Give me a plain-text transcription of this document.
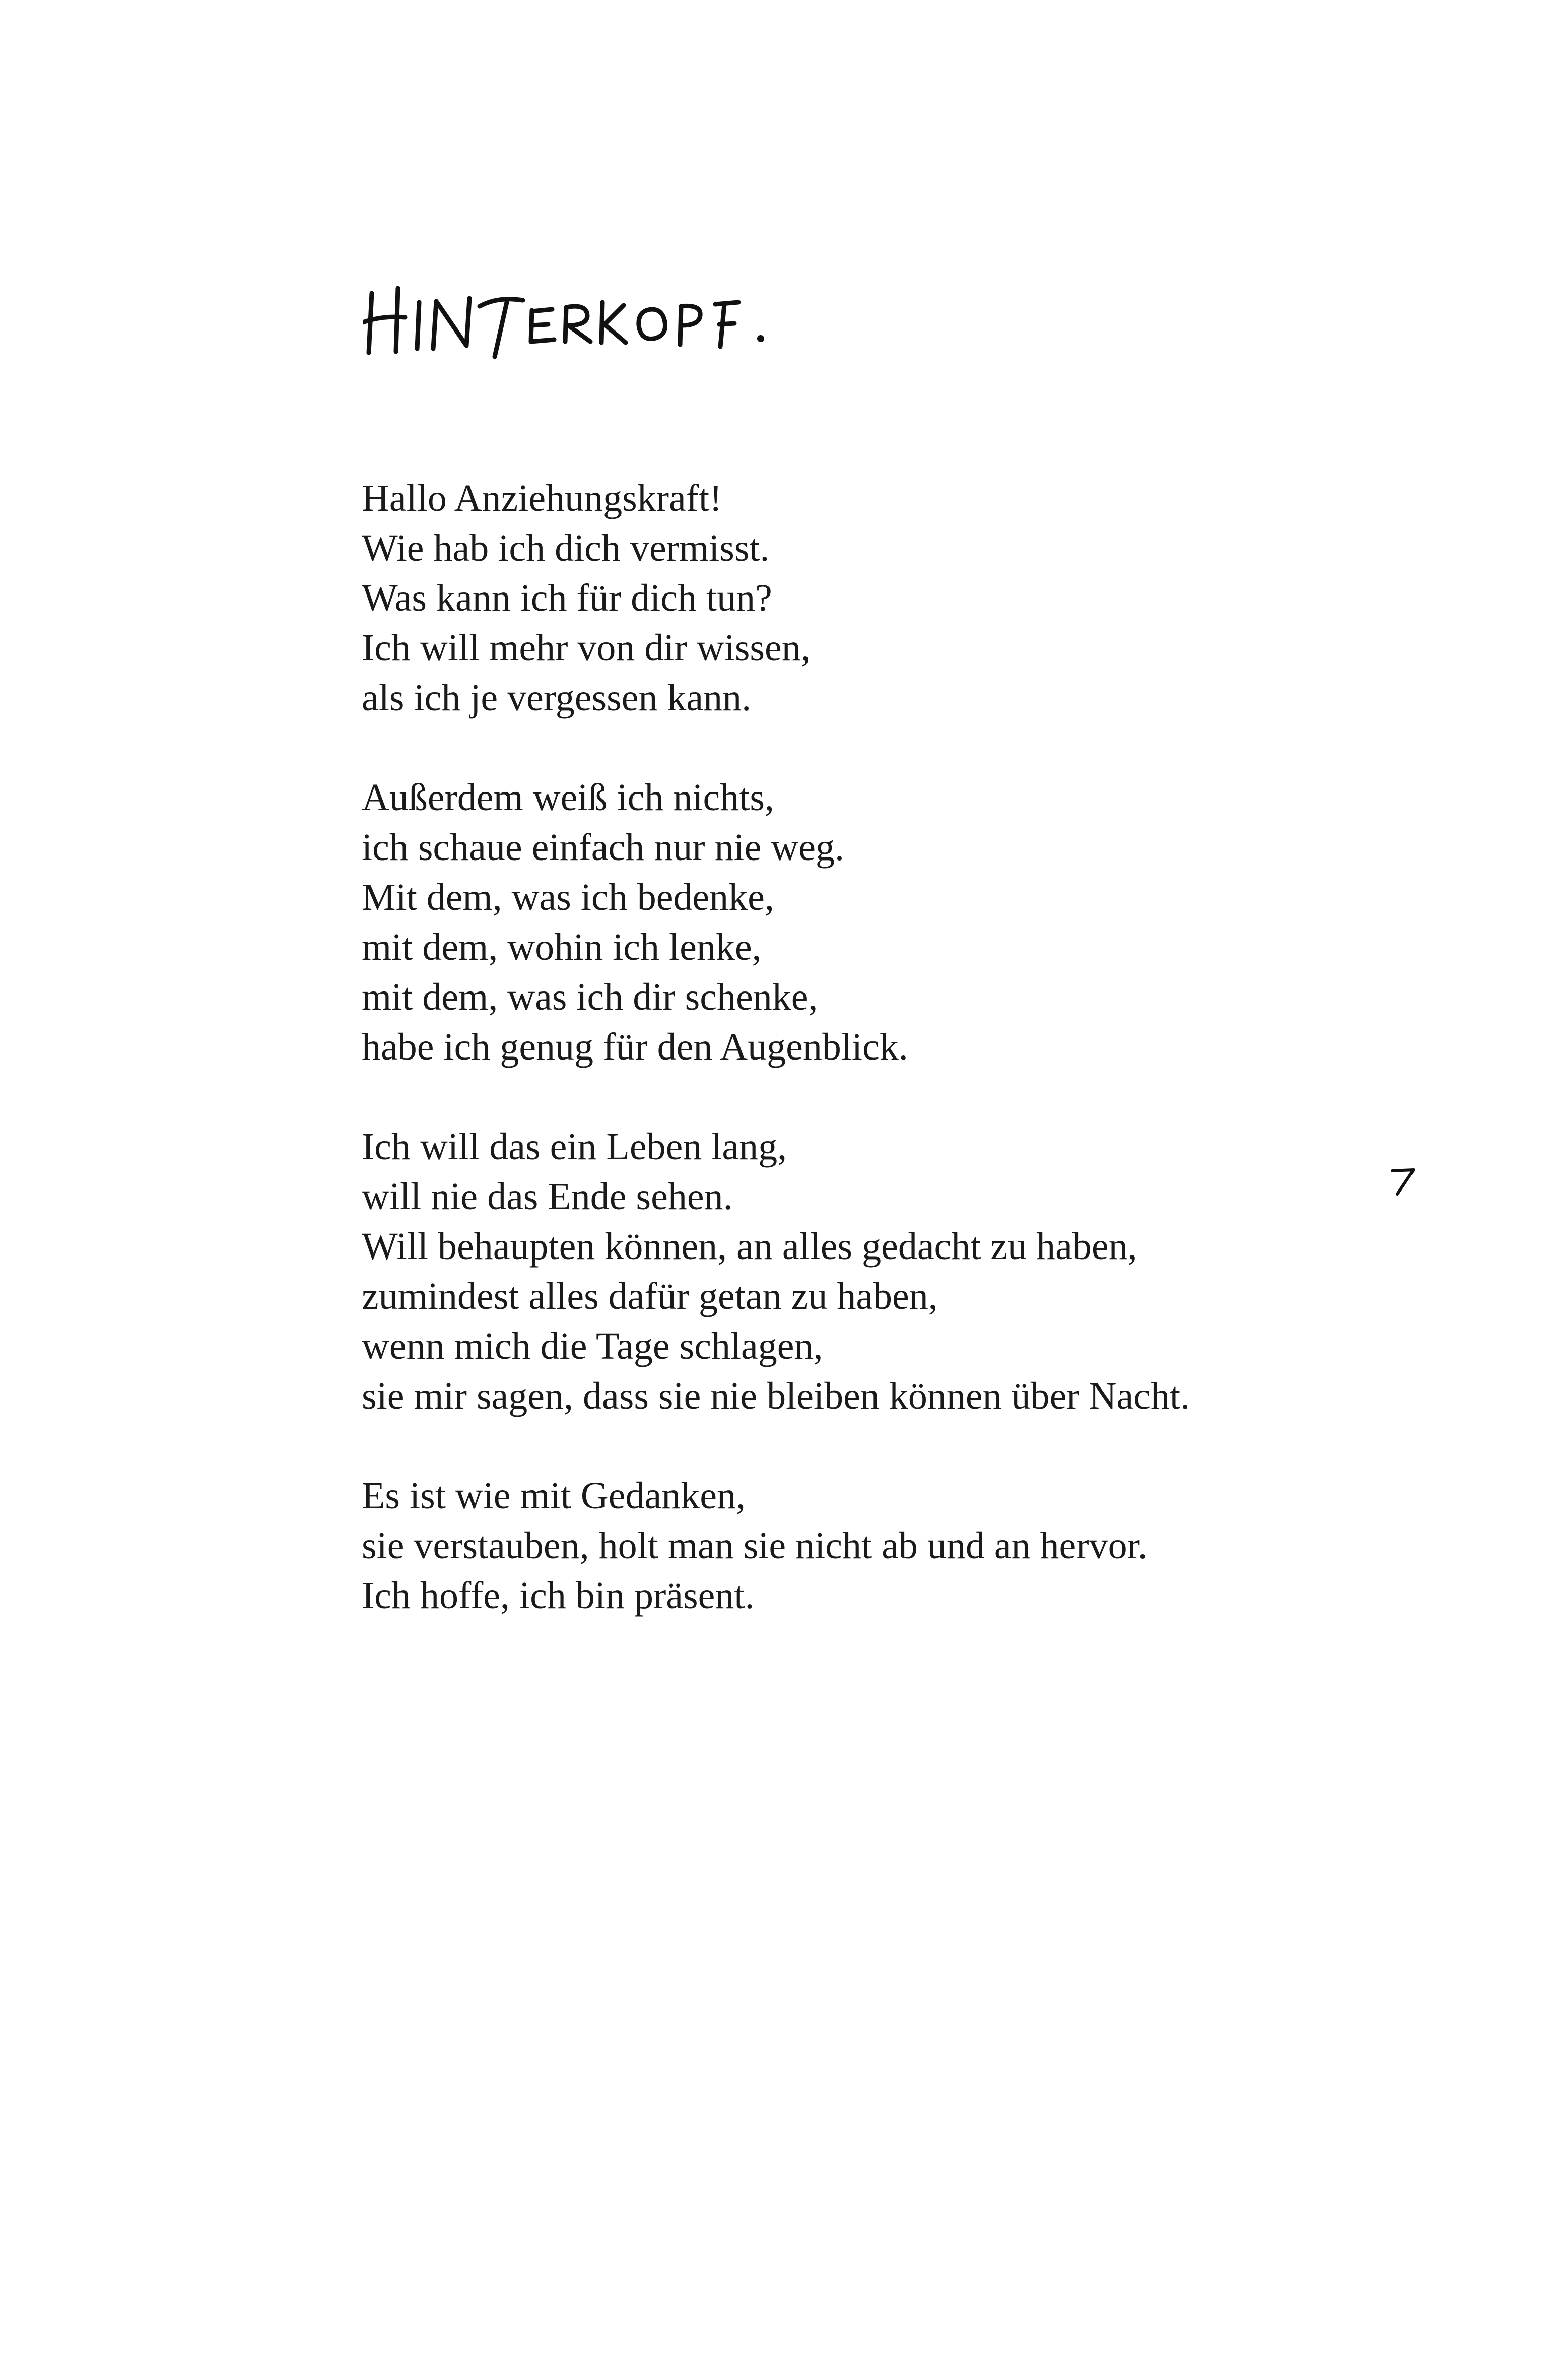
Hallo Anziehungskraft!
Wie hab ich dich vermisst.
Was kann ich für dich tun?
Ich will mehr von dir wissen,
als ich je vergessen kann.
Außerdem weiß ich nichts,
ich schaue einfach nur nie weg.
Mit dem, was ich bedenke,
mit dem, wohin ich lenke,
mit dem, was ich dir schenke,
habe ich genug für den Augenblick.
Ich will das ein Leben lang,
will nie das Ende sehen.
Will behaupten können, an alles gedacht zu haben,
zumindest alles dafür getan zu haben,
wenn mich die Tage schlagen,
sie mir sagen, dass sie nie bleiben können über Nacht.
Es ist wie mit Gedanken,
sie verstauben, holt man sie nicht ab und an hervor.
Ich hoffe, ich bin präsent.
